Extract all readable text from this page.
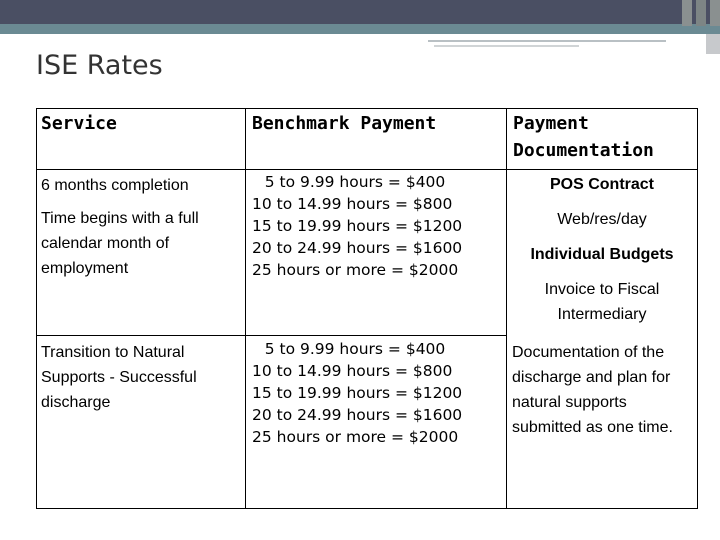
ISE Rates
Service	Benchmark Payment	Payment Documentation
6 months completion
Time begins with a full calendar month of employment
5 to 9.99 hours = $400
10 to 14.99 hours = $800
15 to 19.99 hours = $1200
20 to 24.99 hours = $1600
25 hours or more = $2000
POS Contract
Web/res/day
Individual Budgets
Invoice to Fiscal Intermediary
Transition to Natural Supports - Successful discharge
5 to 9.99 hours = $400
10 to 14.99 hours = $800
15 to 19.99 hours = $1200
20 to 24.99 hours = $1600
25 hours or more = $2000
Documentation of the discharge and plan for natural supports submitted as one time.
